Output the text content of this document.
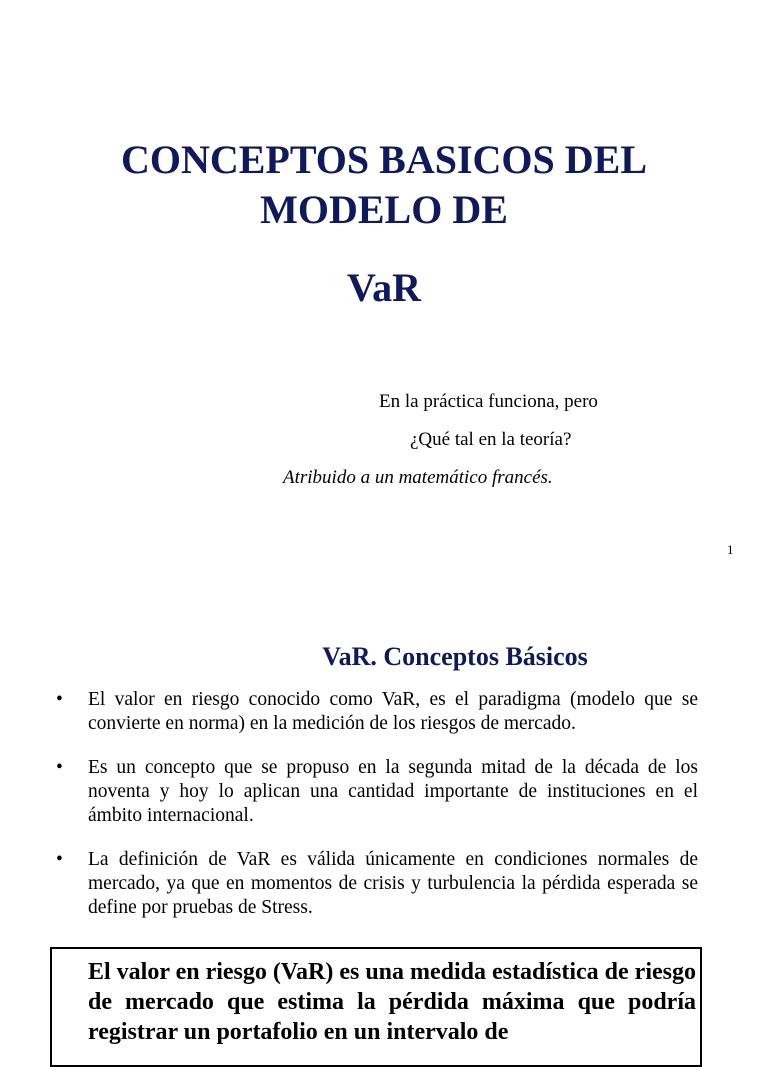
CONCEPTOS BASICOS DEL
MODELO DE
VaR
En la práctica funciona, pero
¿Qué tal en la teoría?
Atribuido a un matemático francés.
1
VaR. Conceptos Básicos
• El valor en riesgo conocido como VaR, es el paradigma (modelo que se convierte en norma) en la medición de los riesgos de mercado.
• Es un concepto que se propuso en la segunda mitad de la década de los noventa y hoy lo aplican una cantidad importante de instituciones en el ámbito internacional.
• La definición de VaR es válida únicamente en condiciones normales de mercado, ya que en momentos de crisis y turbulencia la pérdida esperada se define por pruebas de Stress.
El valor en riesgo (VaR) es una medida estadística de riesgo de mercado que estima la pérdida máxima que podría registrar un portafolio en un intervalo de
